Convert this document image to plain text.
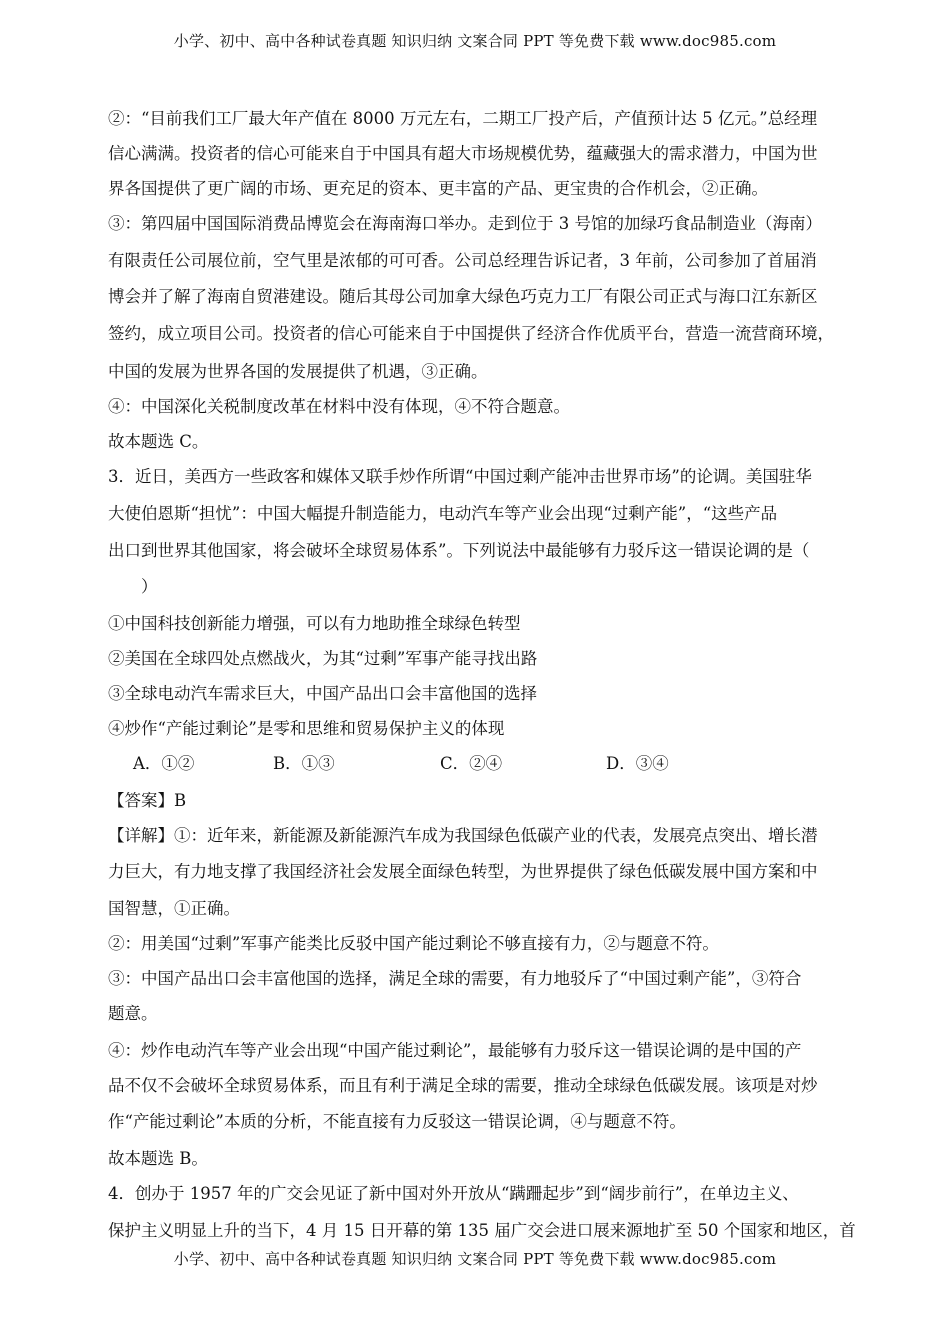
小学、初中、高中各种试卷真题 知识归纳 文案合同 PPT 等免费下载 www.doc985.com
②：“目前我们工厂最大年产值在 8000 万元左右，二期工厂投产后，产值预计达 5 亿元。”总经理
信心满满。投资者的信心可能来自于中国具有超大市场规模优势，蕴藏强大的需求潜力，中国为世
界各国提供了更广阔的市场、更充足的资本、更丰富的产品、更宝贵的合作机会，②正确。
③：第四届中国国际消费品博览会在海南海口举办。走到位于 3 号馆的加绿巧食品制造业（海南）
有限责任公司展位前，空气里是浓郁的可可香。公司总经理告诉记者，3 年前，公司参加了首届消
博会并了解了海南自贸港建设。随后其母公司加拿大绿色巧克力工厂有限公司正式与海口江东新区
签约，成立项目公司。投资者的信心可能来自于中国提供了经济合作优质平台，营造一流营商环境，
中国的发展为世界各国的发展提供了机遇，③正确。
④：中国深化关税制度改革在材料中没有体现，④不符合题意。
故本题选 C。
3．近日，美西方一些政客和媒体又联手炒作所谓“中国过剩产能冲击世界市场”的论调。美国驻华
大使伯恩斯“担忧”：中国大幅提升制造能力，电动汽车等产业会出现“过剩产能”，“这些产品
出口到世界其他国家，将会破坏全球贸易体系”。下列说法中最能够有力驳斥这一错误论调的是（
　　）
①中国科技创新能力增强，可以有力地助推全球绿色转型
②美国在全球四处点燃战火，为其“过剩”军事产能寻找出路
③全球电动汽车需求巨大，中国产品出口会丰富他国的选择
④炒作“产能过剩论”是零和思维和贸易保护主义的体现
A．①②	B．①③	C．②④	D．③④
【答案】B
【详解】①：近年来，新能源及新能源汽车成为我国绿色低碳产业的代表，发展亮点突出、增长潜
力巨大，有力地支撑了我国经济社会发展全面绿色转型，为世界提供了绿色低碳发展中国方案和中
国智慧，①正确。
②：用美国“过剩”军事产能类比反驳中国产能过剩论不够直接有力，②与题意不符。
③：中国产品出口会丰富他国的选择，满足全球的需要，有力地驳斥了“中国过剩产能”，③符合
题意。
④：炒作电动汽车等产业会出现“中国产能过剩论”，最能够有力驳斥这一错误论调的是中国的产
品不仅不会破坏全球贸易体系，而且有利于满足全球的需要，推动全球绿色低碳发展。该项是对炒
作“产能过剩论”本质的分析，不能直接有力反驳这一错误论调，④与题意不符。
故本题选 B。
4．创办于 1957 年的广交会见证了新中国对外开放从“蹒跚起步”到“阔步前行”，在单边主义、
保护主义明显上升的当下，4 月 15 日开幕的第 135 届广交会进口展来源地扩至 50 个国家和地区，首
小学、初中、高中各种试卷真题 知识归纳 文案合同 PPT 等免费下载 www.doc985.com
